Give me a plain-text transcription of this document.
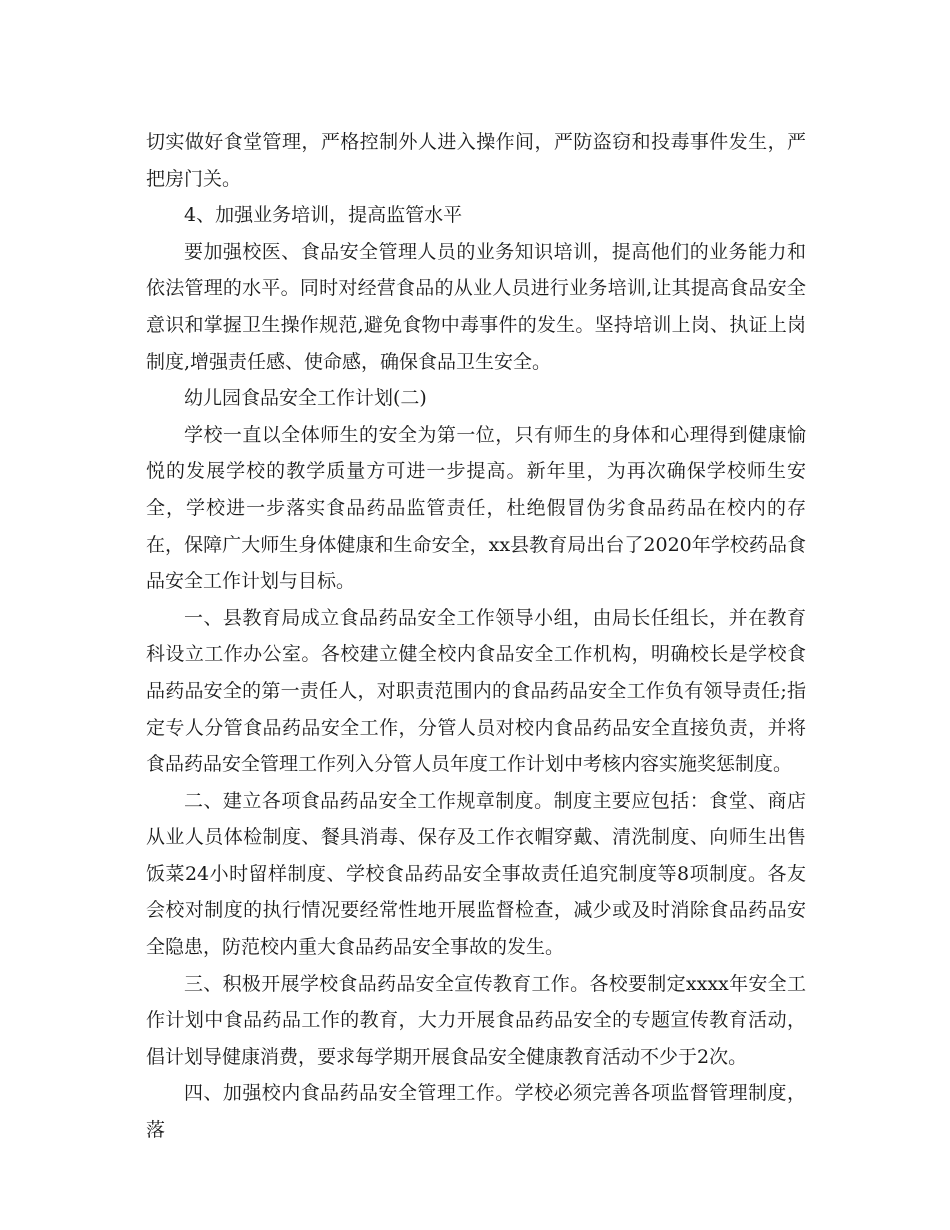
切实做好食堂管理，严格控制外人进入操作间，严防盗窃和投毒事件发生，严把房门关。

4、加强业务培训，提高监管水平

要加强校医、食品安全管理人员的业务知识培训，提高他们的业务能力和依法管理的水平。同时对经营食品的从业人员进行业务培训,让其提高食品安全意识和掌握卫生操作规范,避免食物中毒事件的发生。坚持培训上岗、执证上岗制度,增强责任感、使命感，确保食品卫生安全。

幼儿园食品安全工作计划(二)

学校一直以全体师生的安全为第一位，只有师生的身体和心理得到健康愉悦的发展学校的教学质量方可进一步提高。新年里，为再次确保学校师生安全，学校进一步落实食品药品监管责任，杜绝假冒伪劣食品药品在校内的存在，保障广大师生身体健康和生命安全，xx县教育局出台了2020年学校药品食品安全工作计划与目标。

一、县教育局成立食品药品安全工作领导小组，由局长任组长，并在教育科设立工作办公室。各校建立健全校内食品安全工作机构，明确校长是学校食品药品安全的第一责任人，对职责范围内的食品药品安全工作负有领导责任;指定专人分管食品药品安全工作，分管人员对校内食品药品安全直接负责，并将食品药品安全管理工作列入分管人员年度工作计划中考核内容实施奖惩制度。

二、建立各项食品药品安全工作规章制度。制度主要应包括：食堂、商店从业人员体检制度、餐具消毒、保存及工作衣帽穿戴、清洗制度、向师生出售饭菜24小时留样制度、学校食品药品安全事故责任追究制度等8项制度。各友会校对制度的执行情况要经常性地开展监督检查，减少或及时消除食品药品安全隐患，防范校内重大食品药品安全事故的发生。

三、积极开展学校食品药品安全宣传教育工作。各校要制定xxxx年安全工作计划中食品药品工作的教育，大力开展食品药品安全的专题宣传教育活动，倡计划导健康消费，要求每学期开展食品安全健康教育活动不少于2次。

四、加强校内食品药品安全管理工作。学校必须完善各项监督管理制度，落
